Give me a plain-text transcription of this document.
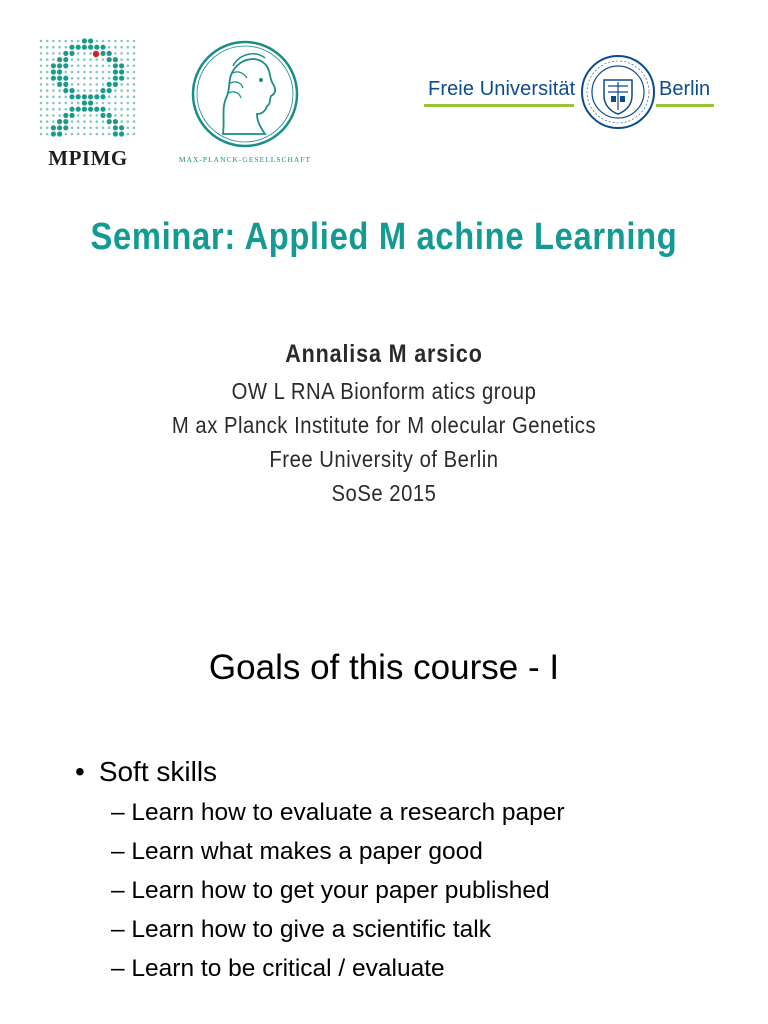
MPIMG	MAX-PLANCK-GESELLSCHAFT
Freie Universität	Berlin
Seminar: Applied M achine Learning
Annalisa M arsico
OW L RNA Bionform atics group
M ax Planck Institute for M olecular Genetics
Free University of Berlin
SoSe 2015
Goals of this course - I
• Soft skills
– Learn how to evaluate a research paper
– Learn what makes a paper good
– Learn how to get your paper published
– Learn how to give a scientific talk
– Learn to be critical / evaluate
